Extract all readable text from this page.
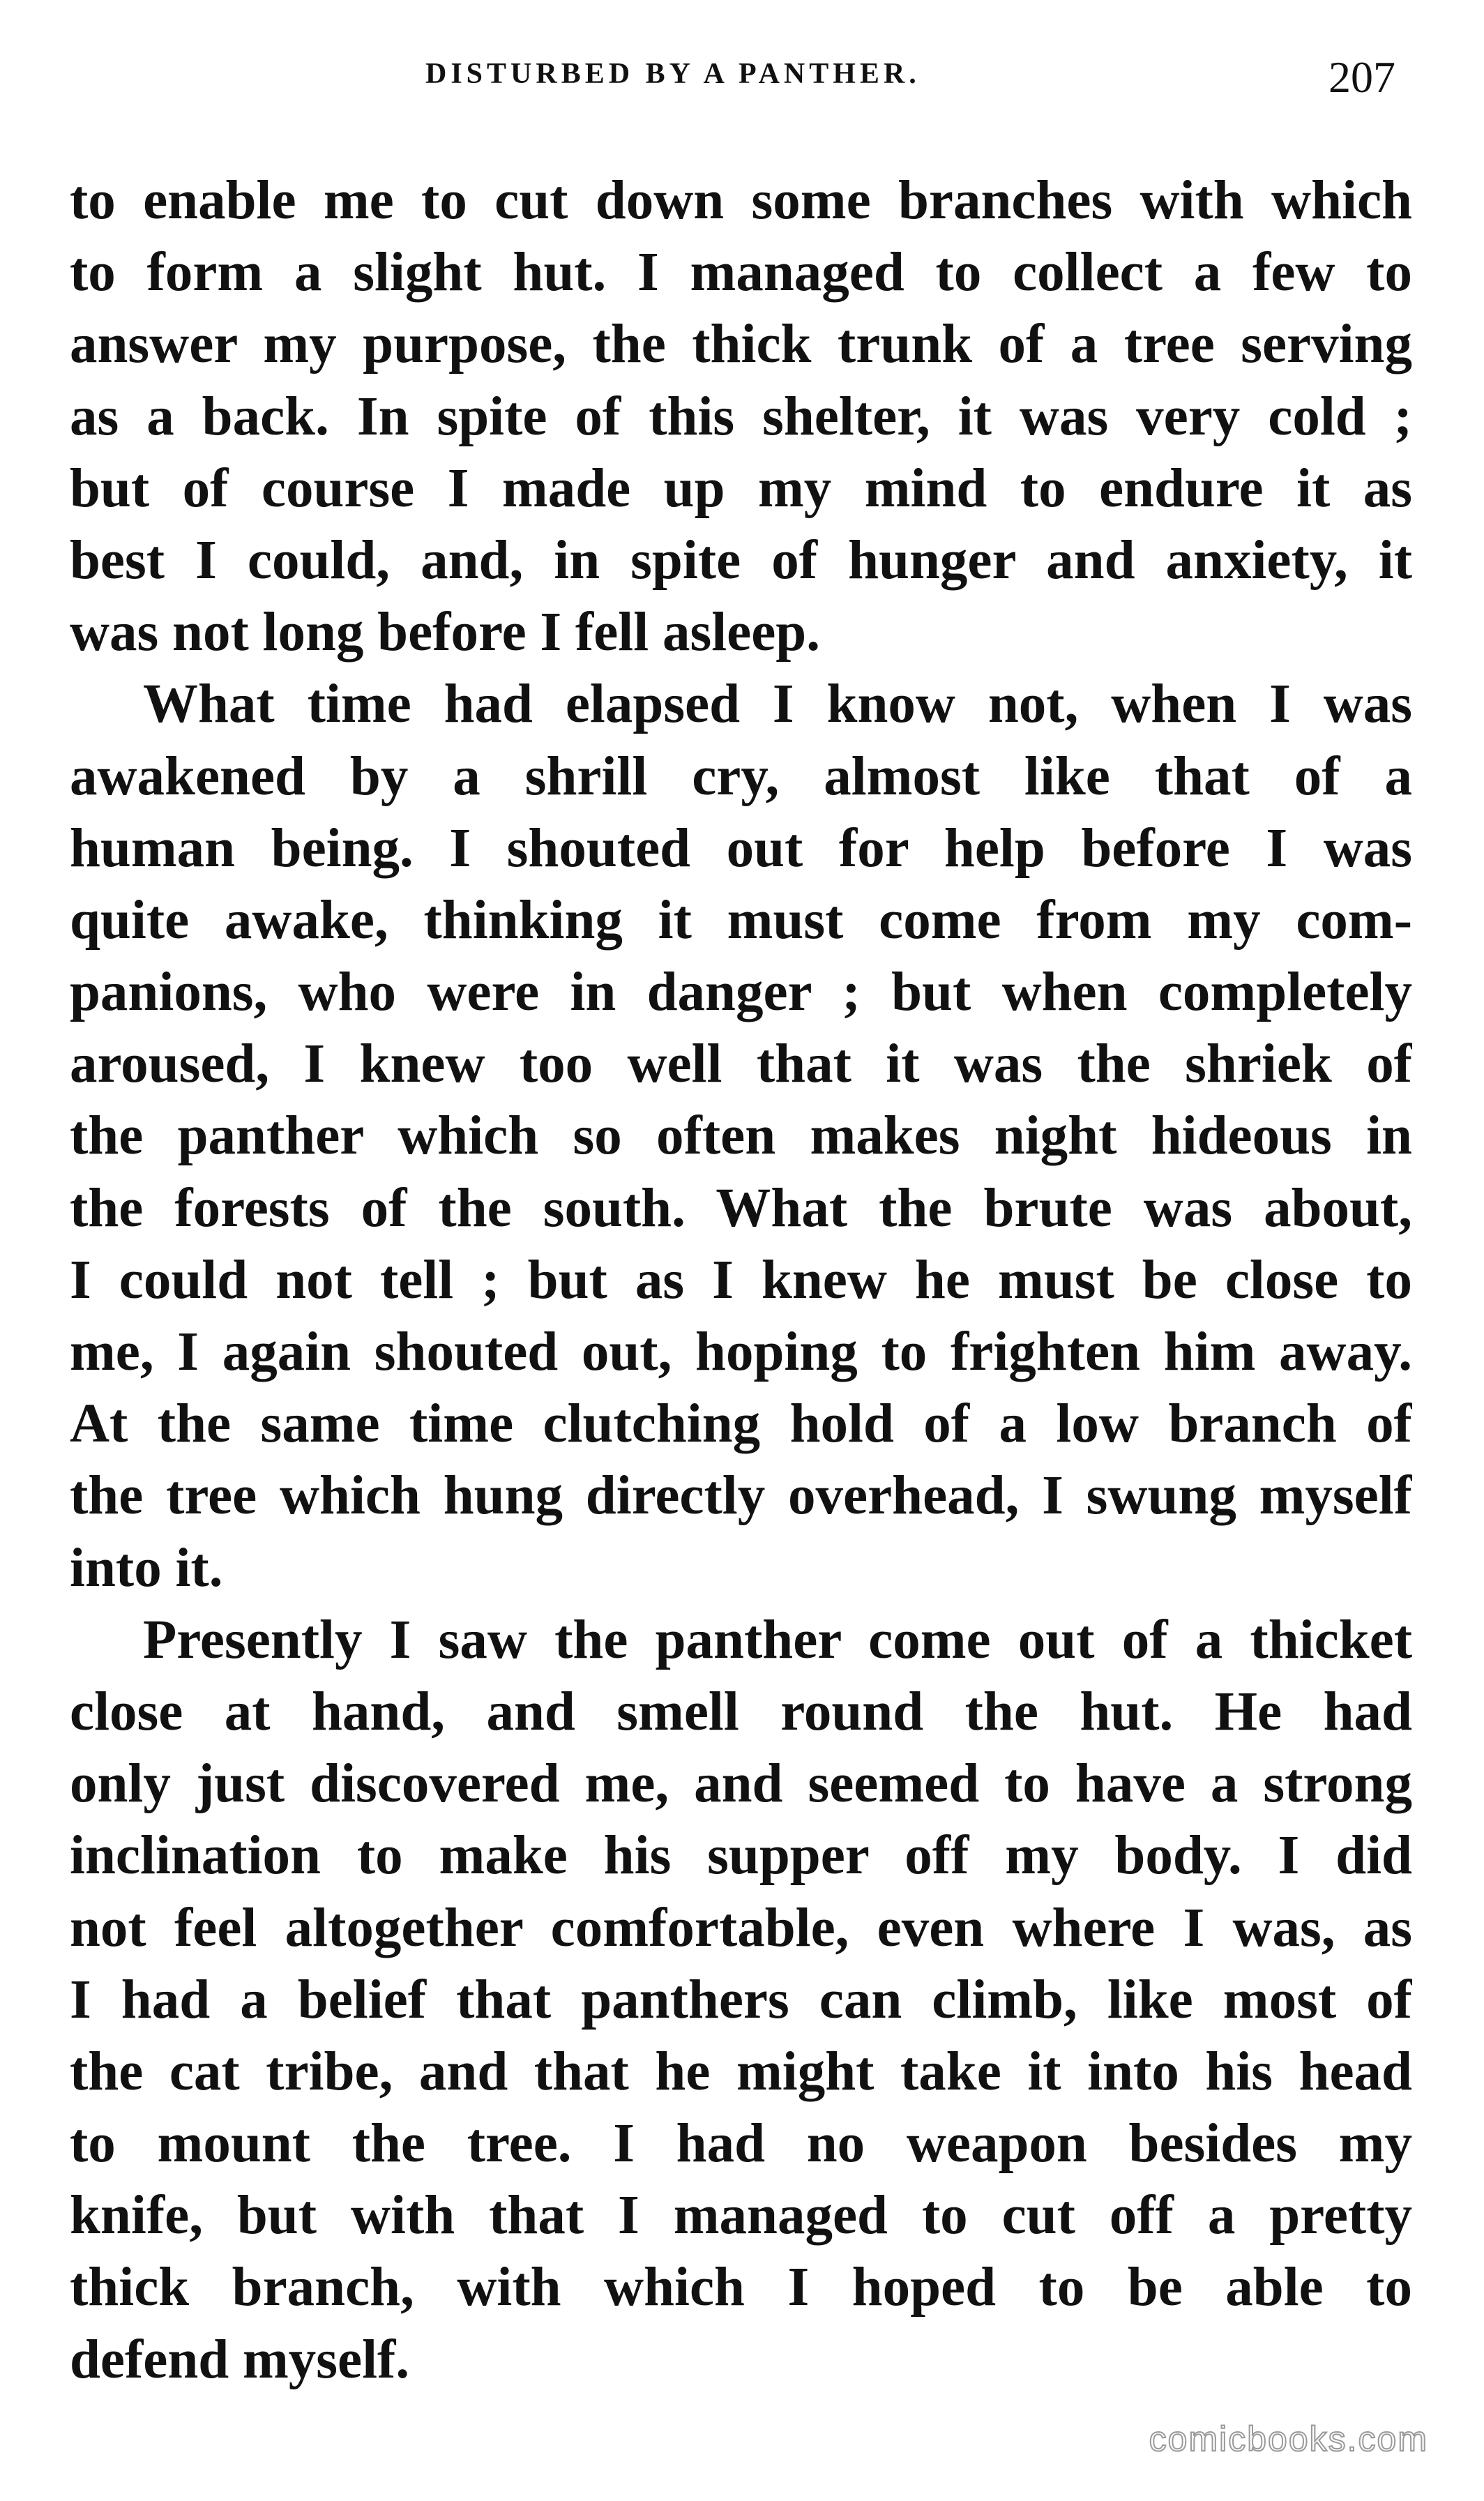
DISTURBED BY A PANTHER.	207
to enable me to cut down some branches with which
to form a slight hut. I managed to collect a few to
answer my purpose, the thick trunk of a tree serving
as a back. In spite of this shelter, it was very cold ;
but of course I made up my mind to endure it as
best I could, and, in spite of hunger and anxiety, it
was not long before I fell asleep.
What time had elapsed I know not, when I was
awakened by a shrill cry, almost like that of a
human being. I shouted out for help before I was
quite awake, thinking it must come from my com-
panions, who were in danger ; but when completely
aroused, I knew too well that it was the shriek of
the panther which so often makes night hideous in
the forests of the south. What the brute was about,
I could not tell ; but as I knew he must be close to
me, I again shouted out, hoping to frighten him away.
At the same time clutching hold of a low branch of
the tree which hung directly overhead, I swung myself
into it.
Presently I saw the panther come out of a thicket
close at hand, and smell round the hut. He had
only just discovered me, and seemed to have a strong
inclination to make his supper off my body. I did
not feel altogether comfortable, even where I was, as
I had a belief that panthers can climb, like most of
the cat tribe, and that he might take it into his head
to mount the tree. I had no weapon besides my
knife, but with that I managed to cut off a pretty
thick branch, with which I hoped to be able to
defend myself.
comicbooks.com
